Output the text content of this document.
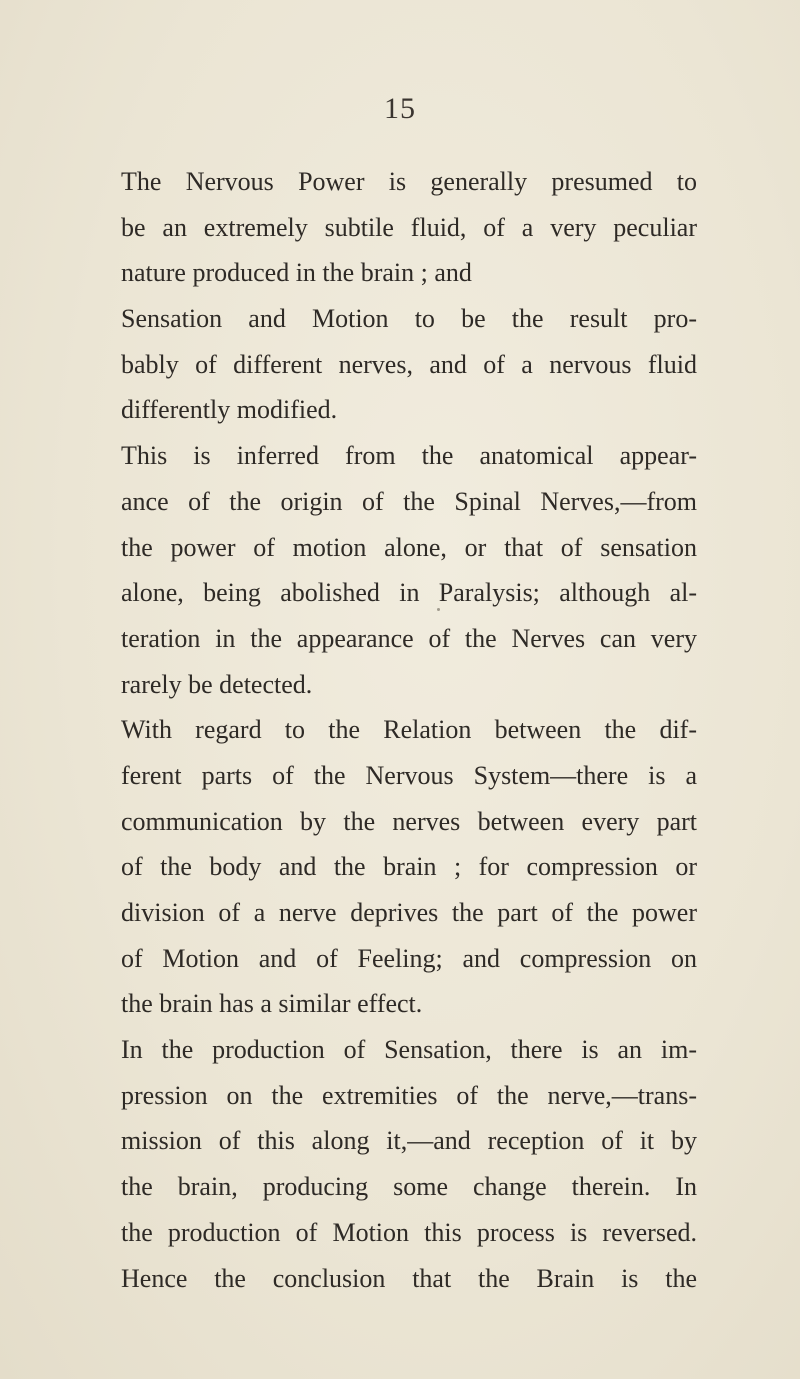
15
The Nervous Power is generally presumed to
be an extremely subtile fluid, of a very peculiar
nature produced in the brain ; and
Sensation and Motion to be the result pro-
bably of different nerves, and of a nervous fluid
differently modified.
This is inferred from the anatomical appear-
ance of the origin of the Spinal Nerves,—from
the power of motion alone, or that of sensation
alone, being abolished in Paralysis; although al-
teration in the appearance of the Nerves can very
rarely be detected.
With regard to the Relation between the dif-
ferent parts of the Nervous System—there is a
communication by the nerves between every part
of the body and the brain ; for compression or
division of a nerve deprives the part of the power
of Motion and of Feeling; and compression on
the brain has a similar effect.
In the production of Sensation, there is an im-
pression on the extremities of the nerve,—trans-
mission of this along it,—and reception of it by
the brain, producing some change therein. In
the production of Motion this process is reversed.
Hence the conclusion that the Brain is the
